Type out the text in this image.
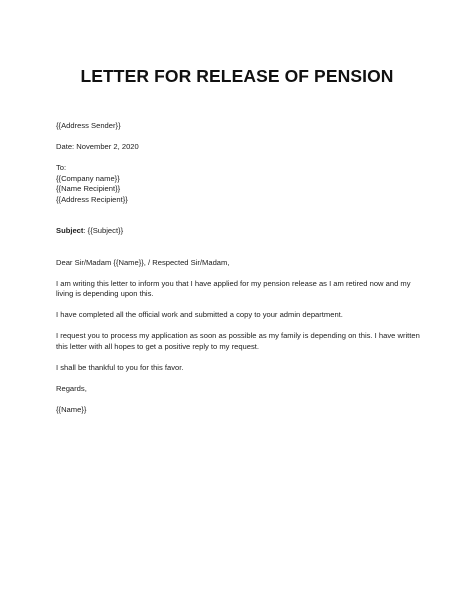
LETTER FOR RELEASE OF PENSION
{{Address Sender}}
Date: November 2, 2020
To:
{{Company name}}
{{Name Recipient}}
{{Address Recipient}}
Subject: {{Subject}}
Dear Sir/Madam {{Name}}, / Respected Sir/Madam,
I am writing this letter to inform you that I have applied for my pension release as I am retired now and my living is depending upon this.
I have completed all the official work and submitted a copy to your admin department.
I request you to process my application as soon as possible as my family is depending on this. I have written this letter with all hopes to get a positive reply to my request.
I shall be thankful to you for this favor.
Regards,
{{Name}}
